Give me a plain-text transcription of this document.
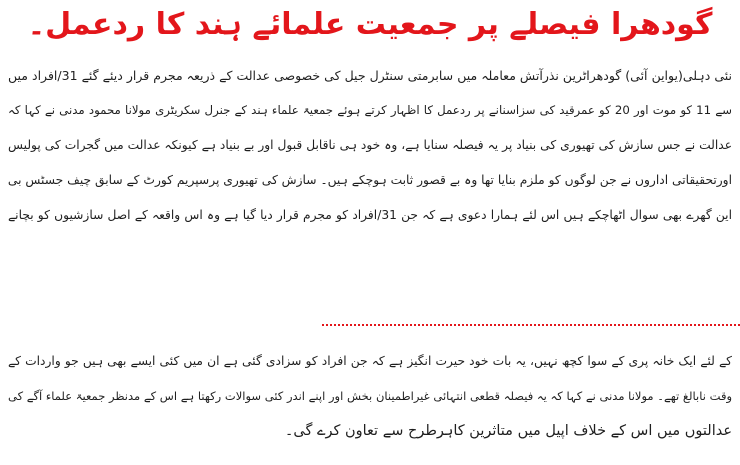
گودھرا فیصلے پر جمعیت علمائے ہند کا ردعمل۔
نئی دہلی(یواین آئی) گودھراٹرین نذرآتش معاملہ میں سابرمتی سنٹرل جیل کی خصوصی عدالت کے ذریعہ مجرم قرار دیئے گئے 31/افراد میں
سے 11 کو موت اور 20 کو عمرقید کی سزاسنانے پر ردعمل کا اظہار کرتے ہوئے جمعیۃ علماء ہند کے جنرل سکریٹری مولانا محمود مدنی نے کہا کہ
عدالت نے جس سازش کی تھیوری کی بنیاد پر یہ فیصلہ سنایا ہے، وہ خود ہی ناقابل قبول اور بے بنیاد ہے کیونکہ عدالت میں گجرات کی پولیس
اورتحقیقاتی اداروں نے جن لوگوں کو ملزم بنایا تھا وہ بے قصور ثابت ہوچکے ہیں۔ سازش کی تھیوری پرسپریم کورٹ کے سابق چیف جسٹس بی
این گھرے بھی سوال اٹھاچکے ہیں اس لئے ہمارا دعوی ہے کہ جن 31/افراد کو مجرم قرار دیا گیا ہے وہ اس واقعہ کے اصل سازشیوں کو بچانے
کے لئے ایک خانہ پری کے سوا کچھ نہیں، یہ بات خود حیرت انگیز ہے کہ جن افراد کو سزادی گئی ہے ان میں کئی ایسے بھی ہیں جو واردات کے
وقت نابالغ تھے۔ مولانا مدنی نے کہا کہ یہ فیصلہ قطعی انتہائی غیراطمینان بخش اور اپنے اندر کئی سوالات رکھتا ہے اس کے مدنظر جمعیۃ علماء آگے کی
عدالتوں میں اس کے خلاف اپیل میں متاثرین کاہرطرح سے تعاون کرے گی۔
